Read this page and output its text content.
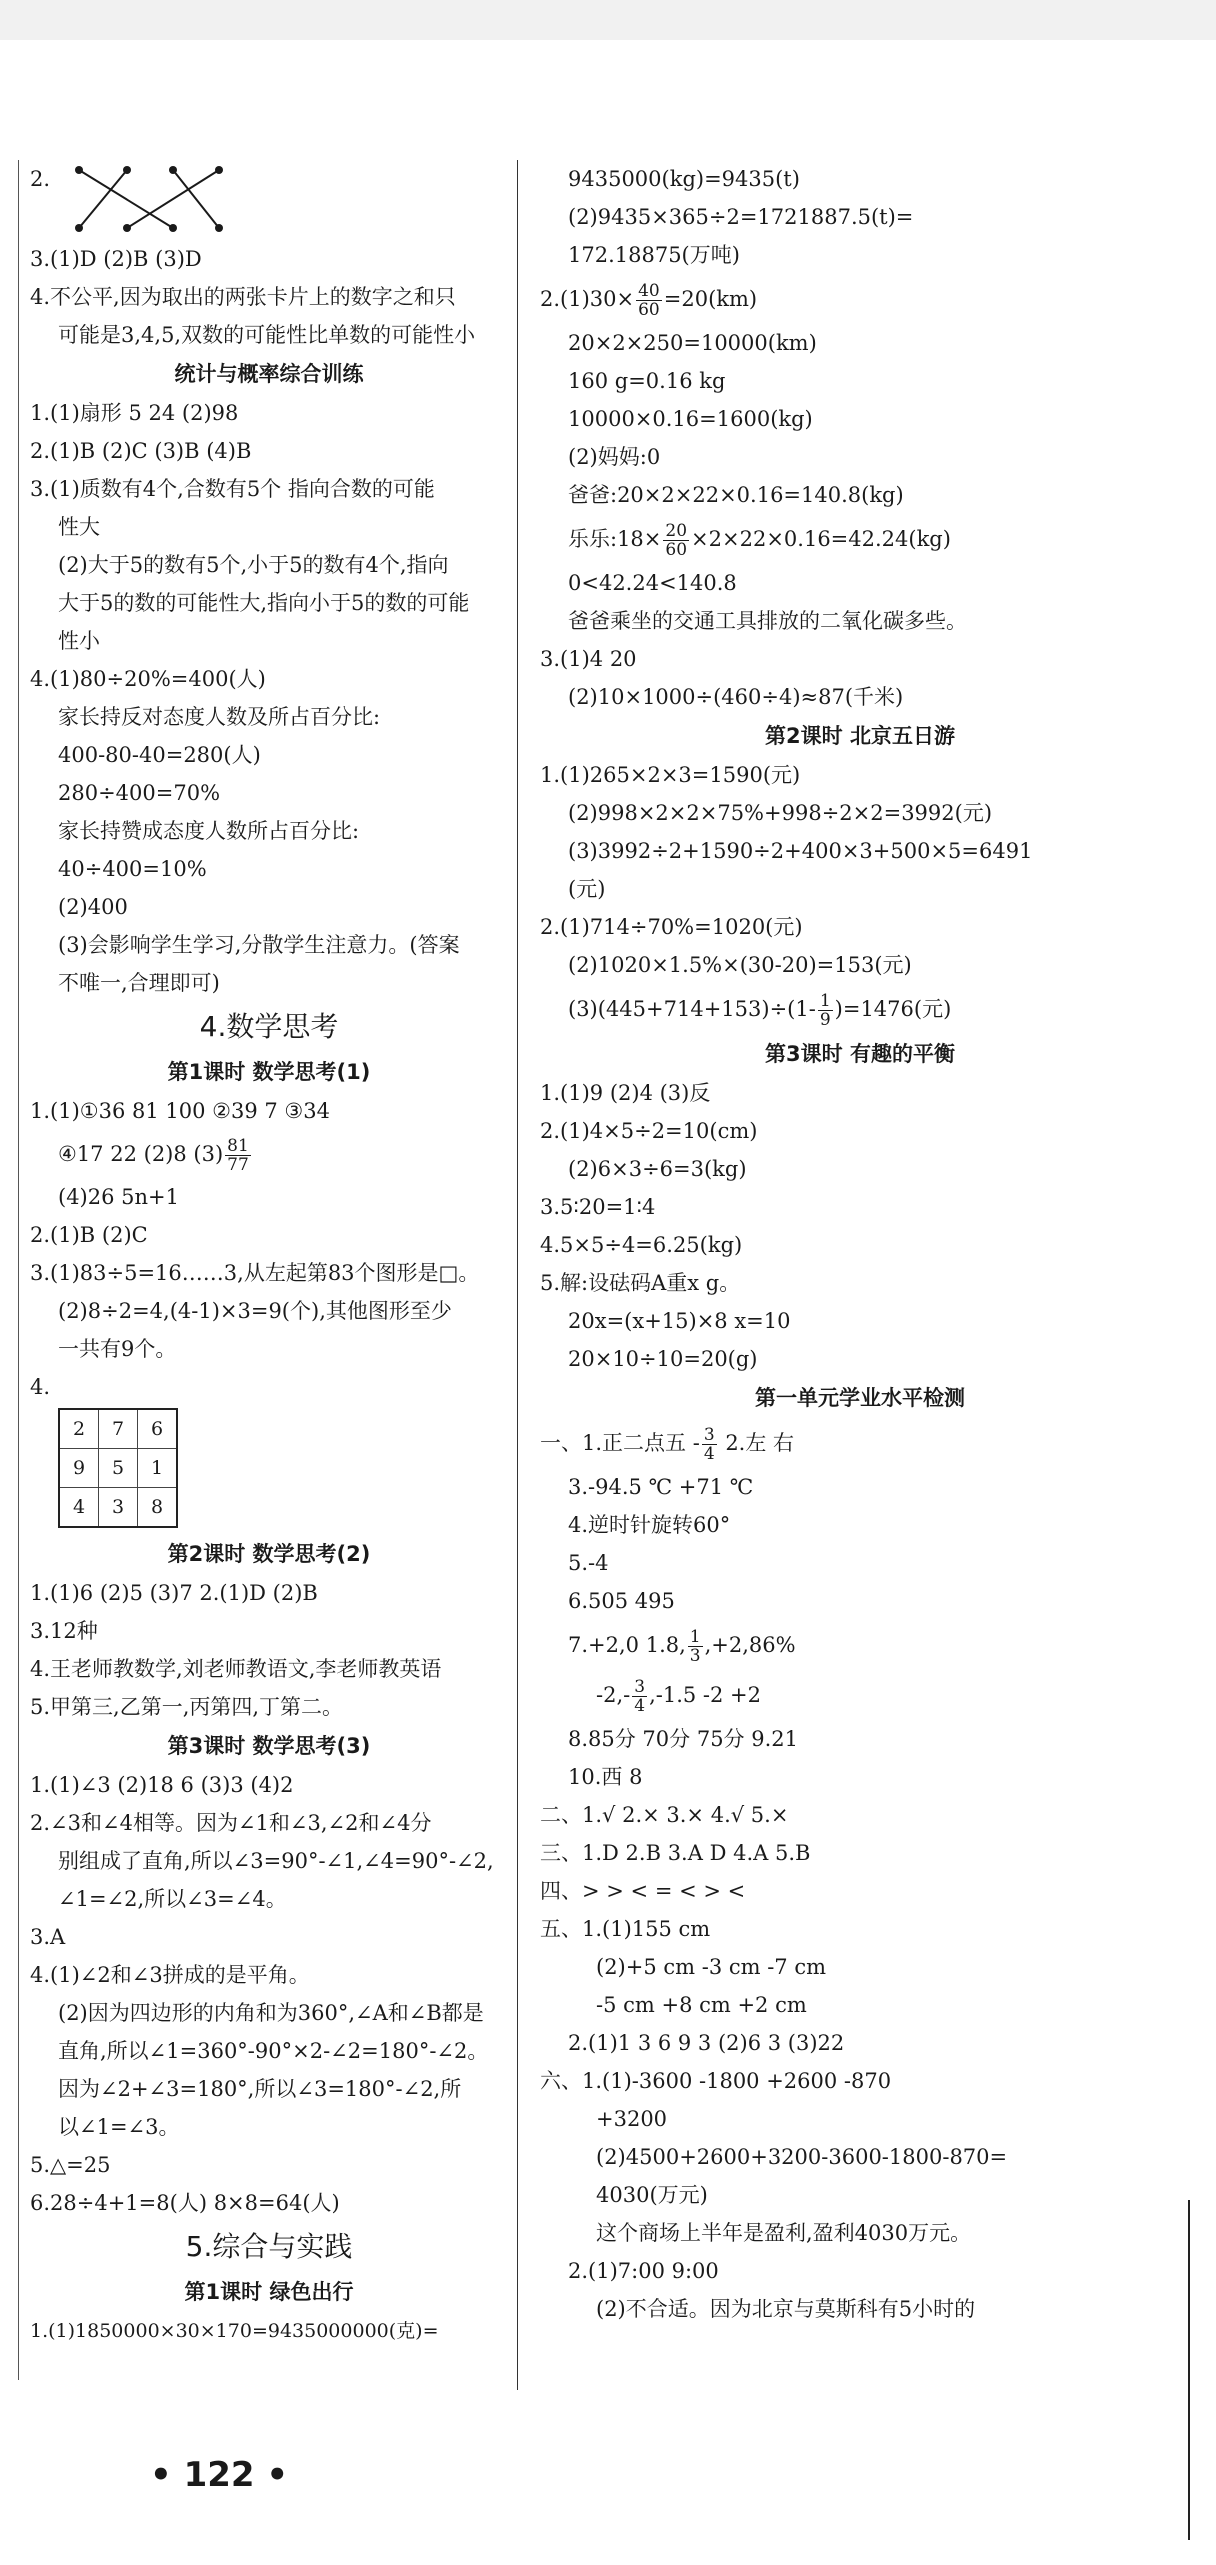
2.
3.(1)D (2)B (3)D
4.不公平,因为取出的两张卡片上的数字之和只
可能是3,4,5,双数的可能性比单数的可能性小
统计与概率综合训练
1.(1)扇形 5 24 (2)98
2.(1)B (2)C (3)B (4)B
3.(1)质数有4个,合数有5个 指向合数的可能
性大
(2)大于5的数有5个,小于5的数有4个,指向
大于5的数的可能性大,指向小于5的数的可能
性小
4.(1)80÷20%=400(人)
家长持反对态度人数及所占百分比:
400-80-40=280(人)
280÷400=70%
家长持赞成态度人数所占百分比:
40÷400=10%
(2)400
(3)会影响学生学习,分散学生注意力。(答案
不唯一,合理即可)
4.数学思考
第1课时 数学思考(1)
1.(1)①36 81 100 ②39 7 ③34
④17 22 (2)8 $(3) \frac{81}{77}$
(4)26 5n+1
2.(1)B (2)C
3.(1)83÷5=16……3,从左起第83个图形是□。
(2)8÷2=4,(4-1)×3=9(个),其他图形至少
一共有9个。
4.
2	7	6
9	5	1
4	3	8
第2课时 数学思考(2)
1.(1)6 (2)5 (3)7 2.(1)D (2)B
3.12种
4.王老师教数学,刘老师教语文,李老师教英语
5.甲第三,乙第一,丙第四,丁第二。
第3课时 数学思考(3)
1.(1)∠3 (2)18 6 (3)3 (4)2
2.∠3和∠4相等。因为∠1和∠3,∠2和∠4分
别组成了直角,所以∠3=90°-∠1,∠4=90°-∠2,
∠1=∠2,所以∠3=∠4。
3.A
4.(1)∠2和∠3拼成的是平角。
(2)因为四边形的内角和为360°,∠A和∠B都是
直角,所以∠1=360°-90°×2-∠2=180°-∠2。
因为∠2+∠3=180°,所以∠3=180°-∠2,所
以∠1=∠3。
5.△=25
6.28÷4+1=8(人) 8×8=64(人)
5.综合与实践
第1课时 绿色出行
1.(1)1850000×30×170=9435000000(克)=
9435000(kg)=9435(t)
(2)9435×365÷2=1721887.5(t)=
172.18875(万吨)
$2.(1)30\times \frac{40}{60} =20(km)$
20×2×250=10000(km)
160 g=0.16 kg
10000×0.16=1600(kg)
(2)妈妈:0
爸爸:20×2×22×0.16=140.8(kg)
乐乐:18× $\frac{20}{60} \times 2\times 22\times 0.16=42.24(kg)$
0<42.24<140.8
爸爸乘坐的交通工具排放的二氧化碳多些。
3.(1)4 20
(2)10×1000÷(460÷4)≈87(千米)
第2课时 北京五日游
1.(1)265×2×3=1590(元)
(2)998×2×2×75%+998÷2×2=3992(元)
(3)3992÷2+1590÷2+400×3+500×5=6491
(元)
2.(1)714÷70%=1020(元)
(2)1020×1.5%×(30-20)=153(元)
$(3)(445+714+153)\div(1- \frac{1}{9} )=1476$(元)
第3课时 有趣的平衡
1.(1)9 (2)4 (3)反
2.(1)4×5÷2=10(cm)
(2)6×3÷6=3(kg)
3.5∶20=1∶4
4.5×5÷4=6.25(kg)
5.解:设砝码A重x g。
20x=(x+15)×8 x=10
20×10÷10=20(g)
第一单元学业水平检测
一、1.正二点五 - $\frac{3}{4} 2$.左 右
3.-94.5 ℃ +71 ℃
4.逆时针旋转60°
5.-4
6.505 495
7.+2,0 1.8, $\frac{1}{3} ,+2,86\%$
$-2,- \frac{3}{4} ,-1.5$ -2 +2
8.85分 70分 75分 9.21
10.西 8
二、1.√ 2.× 3.× 4.√ 5.×
三、1.D 2.B 3.A D 4.A 5.B
四、> > < = < > <
五、1.(1)155 cm
(2)+5 cm -3 cm -7 cm
-5 cm +8 cm +2 cm
2.(1)1 3 6 9 3 (2)6 3 (3)22
六、1.(1)-3600 -1800 +2600 -870
+3200
(2)4500+2600+3200-3600-1800-870=
4030(万元)
这个商场上半年是盈利,盈利4030万元。
2.(1)7:00 9:00
(2)不合适。因为北京与莫斯科有5小时的
• 122 •
